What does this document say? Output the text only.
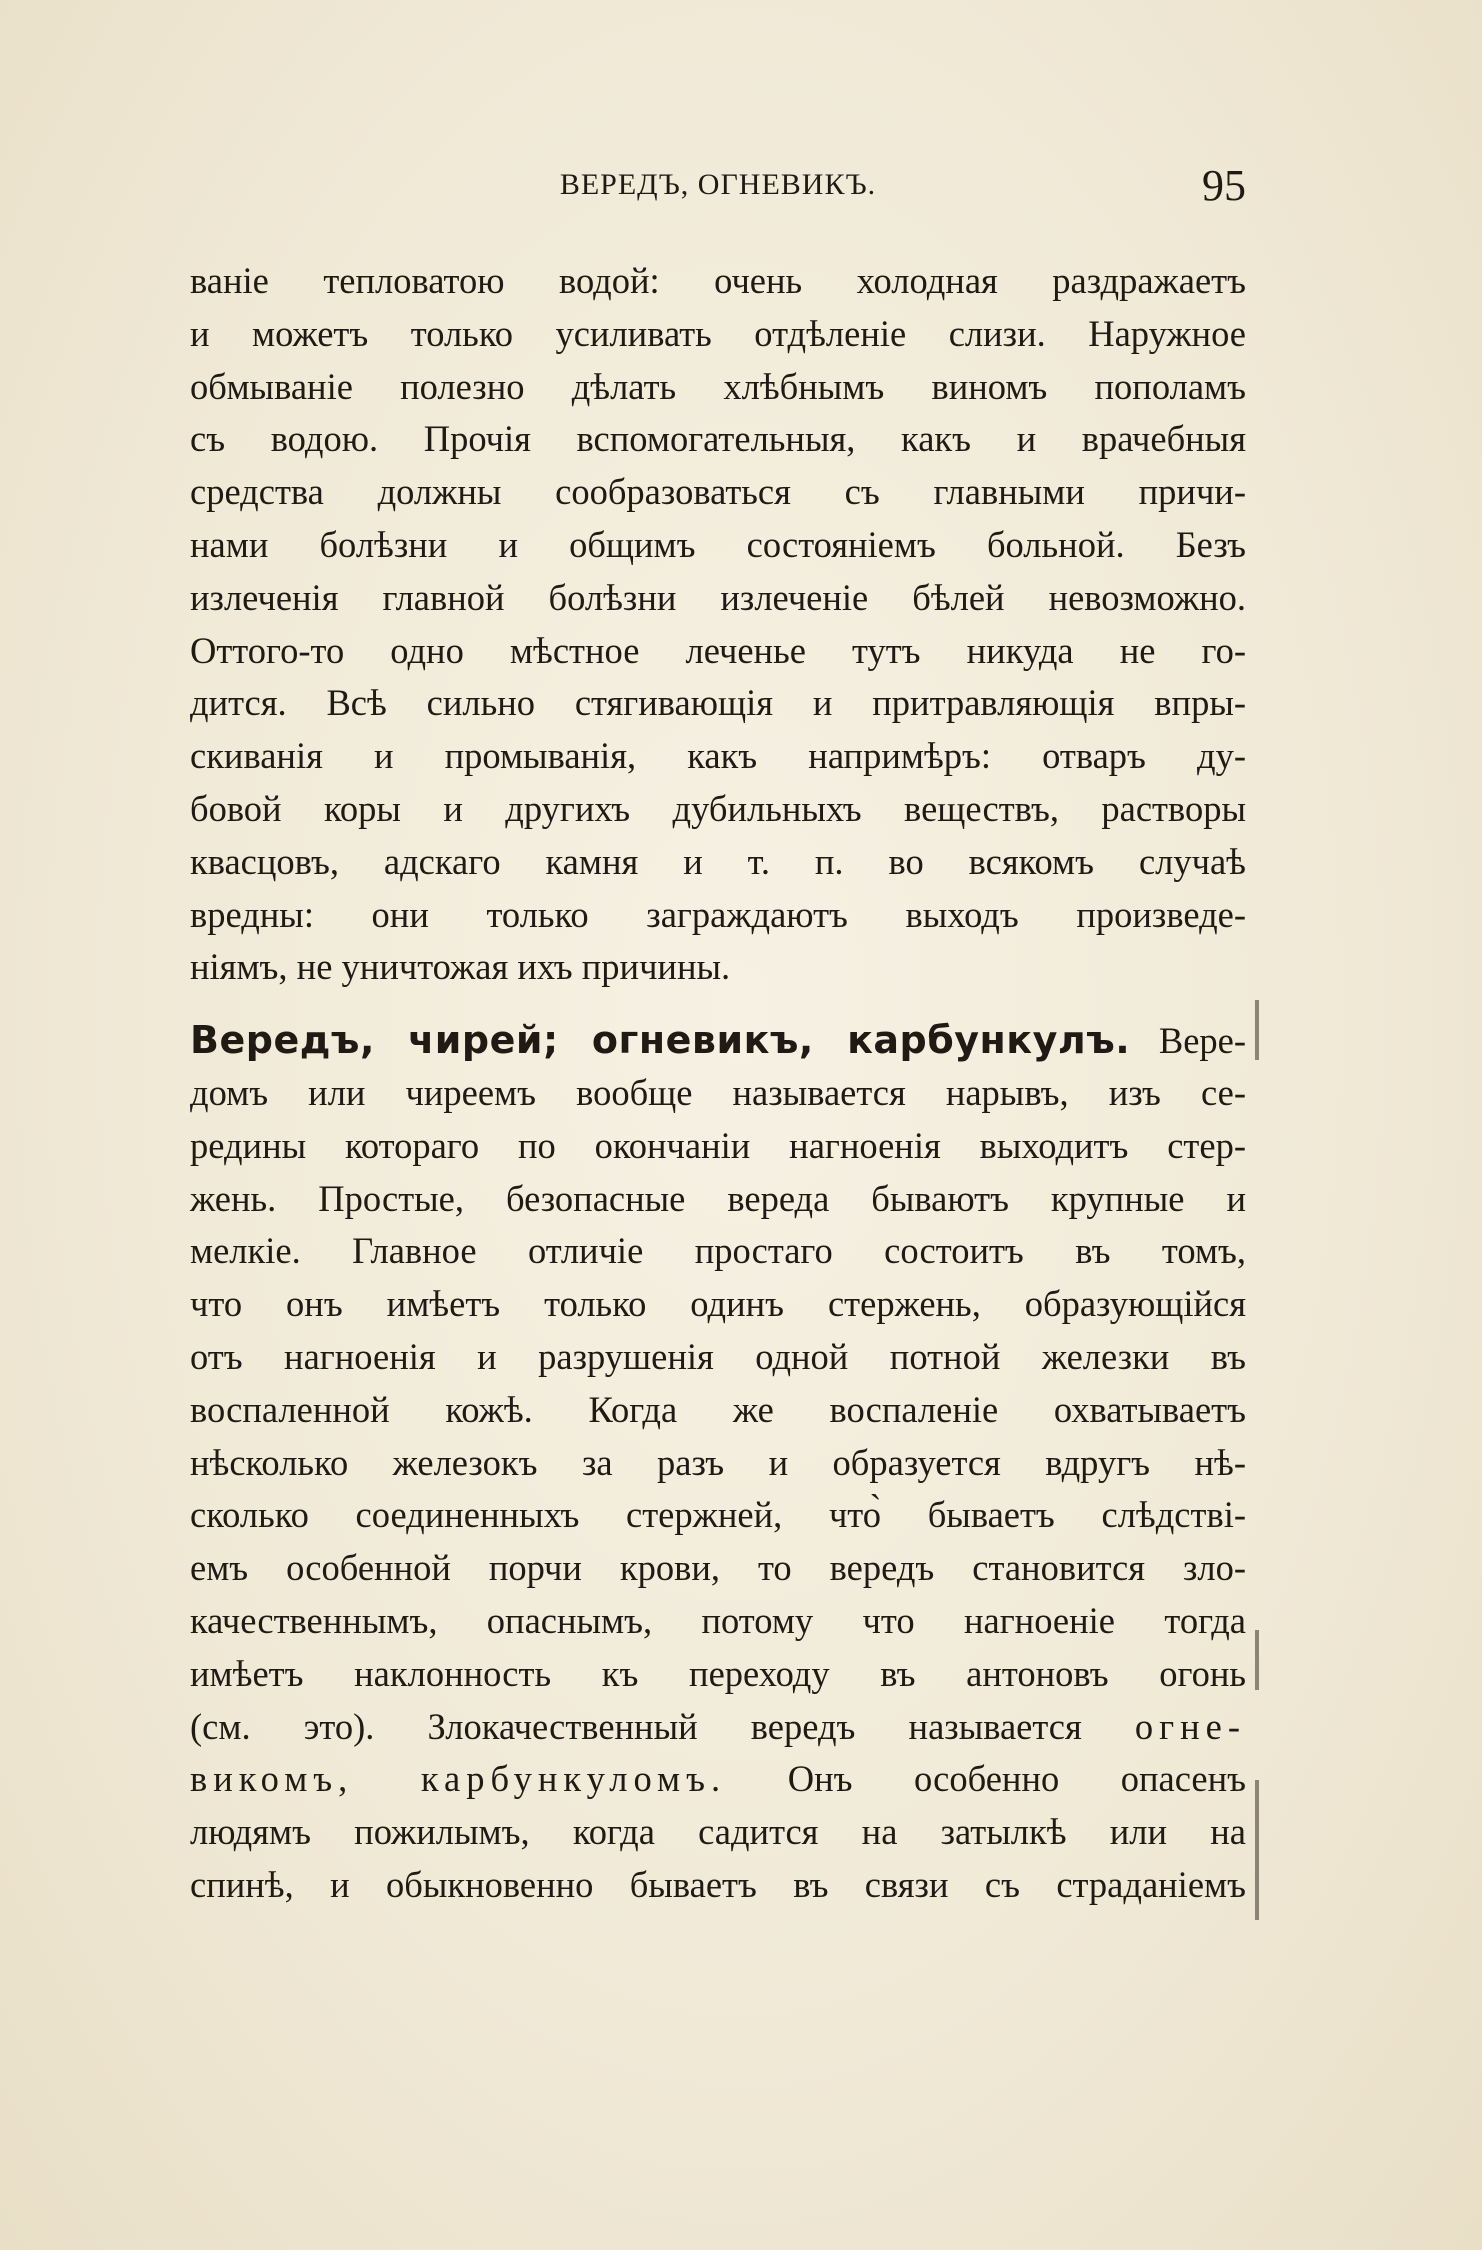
ВЕРЕДЪ, ОГНЕВИКЪ.	95
ваніе тепловатою водой: очень холодная раздражаетъ
и можетъ только усиливать отдѣленіе слизи. Наружное
обмываніе полезно дѣлать хлѣбнымъ виномъ пополамъ
съ водою. Прочія вспомогательныя, какъ и врачебныя
средства должны сообразоваться съ главными причи-
нами болѣзни и общимъ состояніемъ больной. Безъ
излеченія главной болѣзни излеченіе бѣлей невозможно.
Оттого-то одно мѣстное леченье тутъ никуда не го-
дится. Всѣ сильно стягивающія и притравляющія впры-
скиванія и промыванія, какъ напримѣръ: отваръ ду-
бовой коры и другихъ дубильныхъ веществъ, растворы
квасцовъ, адскаго камня и т. п. во всякомъ случаѣ
вредны: они только заграждаютъ выходъ произведе-
ніямъ, не уничтожая ихъ причины.
Вередъ, чирей; огневикъ, карбункулъ. Вере-
домъ или чиреемъ вообще называется нарывъ, изъ се-
редины котораго по окончаніи нагноенія выходитъ стер-
жень. Простые, безопасные вереда бываютъ крупные и
мелкіе. Главное отличіе простаго состоитъ въ томъ,
что онъ имѣетъ только одинъ стержень, образующійся
отъ нагноенія и разрушенія одной потной железки въ
воспаленной кожѣ. Когда же воспаленіе охватываетъ
нѣсколько железокъ за разъ и образуется вдругъ нѣ-
сколько соединенныхъ стержней, что̀ бываетъ слѣдстві-
емъ особенной порчи крови, то вередъ становится зло-
качественнымъ, опаснымъ, потому что нагноеніе тогда
имѣетъ наклонность къ переходу въ антоновъ огонь
(см. это). Злокачественный вередъ называется огне-
викомъ, карбункуломъ. Онъ особенно опасенъ
людямъ пожилымъ, когда садится на затылкѣ или на
спинѣ, и обыкновенно бываетъ въ связи съ страданіемъ
